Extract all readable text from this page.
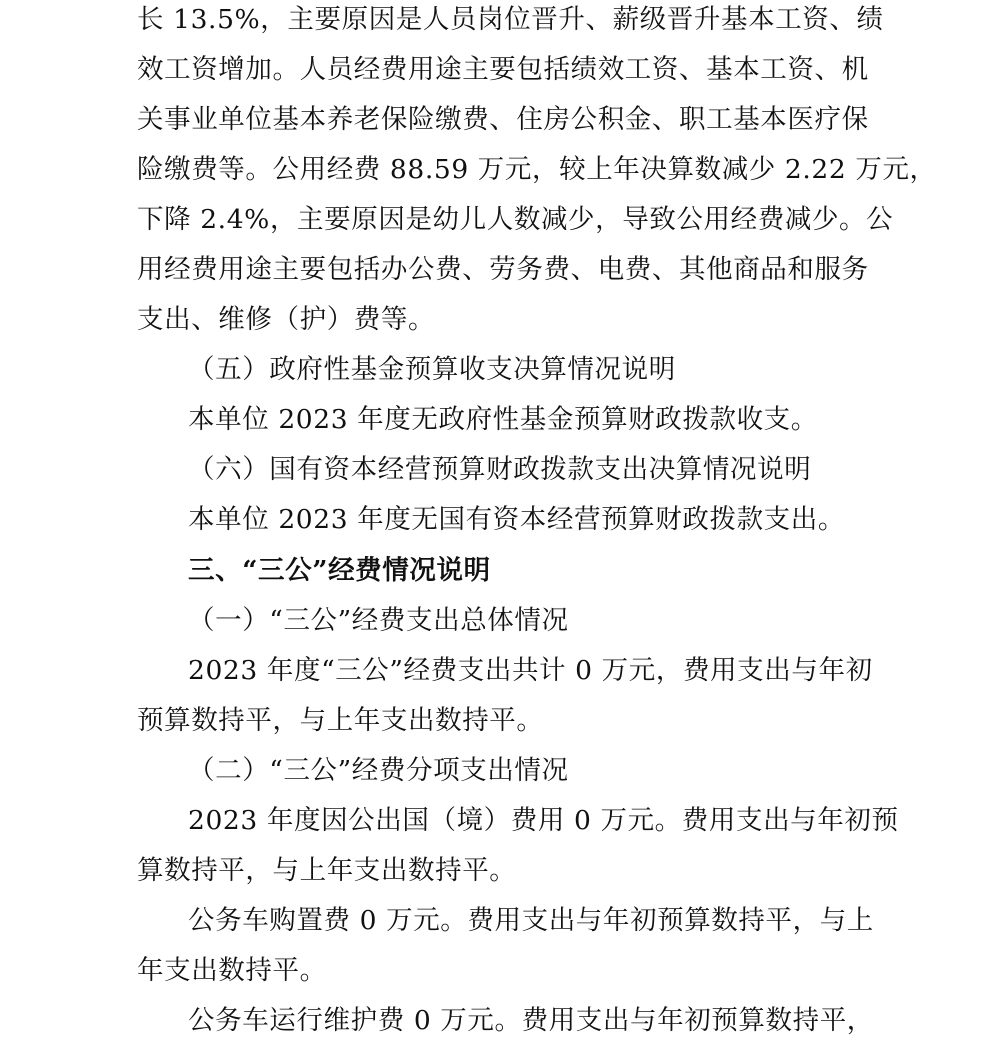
长 13.5%，主要原因是人员岗位晋升、薪级晋升基本工资、绩
效工资增加。人员经费用途主要包括绩效工资、基本工资、机
关事业单位基本养老保险缴费、住房公积金、职工基本医疗保
险缴费等。公用经费 88.59 万元，较上年决算数减少 2.22 万元，
下降 2.4%，主要原因是幼儿人数减少，导致公用经费减少。公
用经费用途主要包括办公费、劳务费、电费、其他商品和服务
支出、维修（护）费等。
（五）政府性基金预算收支决算情况说明
本单位 2023 年度无政府性基金预算财政拨款收支。
（六）国有资本经营预算财政拨款支出决算情况说明
本单位 2023 年度无国有资本经营预算财政拨款支出。
三、“三公”经费情况说明
（一）“三公”经费支出总体情况
2023 年度“三公”经费支出共计 0 万元，费用支出与年初
预算数持平，与上年支出数持平。
（二）“三公”经费分项支出情况
2023 年度因公出国（境）费用 0 万元。费用支出与年初预
算数持平，与上年支出数持平。
公务车购置费 0 万元。费用支出与年初预算数持平，与上
年支出数持平。
公务车运行维护费 0 万元。费用支出与年初预算数持平，
